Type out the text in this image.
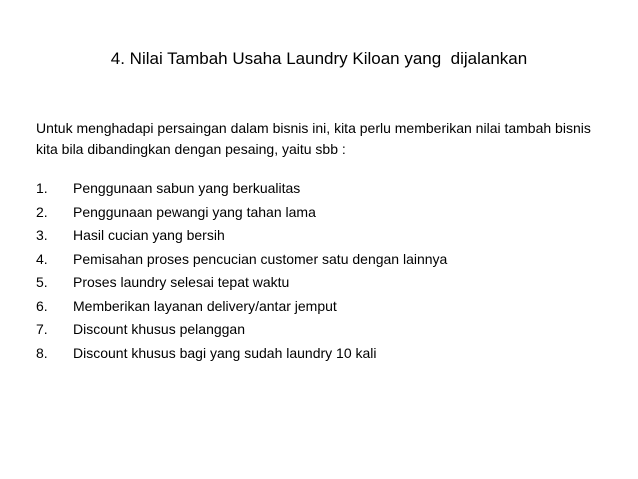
4. Nilai Tambah Usaha Laundry Kiloan yang  dijalankan
Untuk menghadapi persaingan dalam bisnis ini, kita perlu memberikan nilai tambah bisnis kita bila dibandingkan dengan pesaing, yaitu sbb :
1.	Penggunaan sabun yang berkualitas
2.	Penggunaan pewangi yang tahan lama
3.	Hasil cucian yang bersih
4.	Pemisahan proses pencucian customer satu dengan lainnya
5.	Proses laundry selesai tepat waktu
6.	Memberikan layanan delivery/antar jemput
7.	Discount khusus pelanggan
8.	Discount khusus bagi yang sudah laundry 10 kali
